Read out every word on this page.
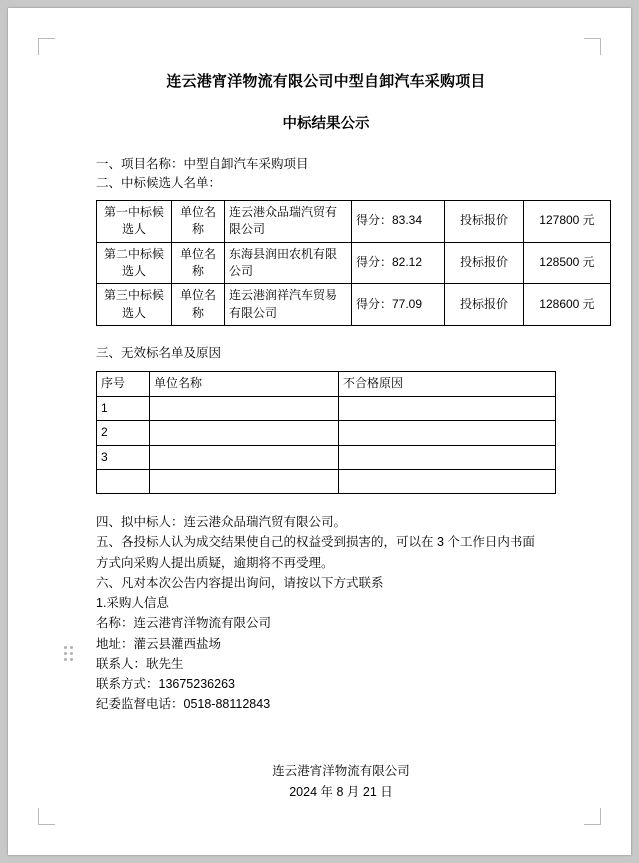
连云港宵洋物流有限公司中型自卸汽车采购项目
中标结果公示
一、项目名称：中型自卸汽车采购项目
二、中标候选人名单：
第一中标候选人	单位名称	连云港众品瑞汽贸有限公司	得分：83.34	投标报价	127800 元
第二中标候选人	单位名称	东海县润田农机有限公司	得分：82.12	投标报价	128500 元
第三中标候选人	单位名称	连云港润祥汽车贸易有限公司	得分：77.09	投标报价	128600 元
三、无效标名单及原因
序号	单位名称	不合格原因
1		
2		
3		

四、拟中标人：连云港众品瑞汽贸有限公司。
五、各投标人认为成交结果使自己的权益受到损害的，可以在 3 个工作日内书面
方式向采购人提出质疑，逾期将不再受理。
六、凡对本次公告内容提出询问，请按以下方式联系
1.采购人信息
名称：连云港宵洋物流有限公司
地址：灌云县灌西盐场
联系人：耿先生
联系方式：13675236263
纪委监督电话：0518-88112843
连云港宵洋物流有限公司
2024 年 8 月 21 日
